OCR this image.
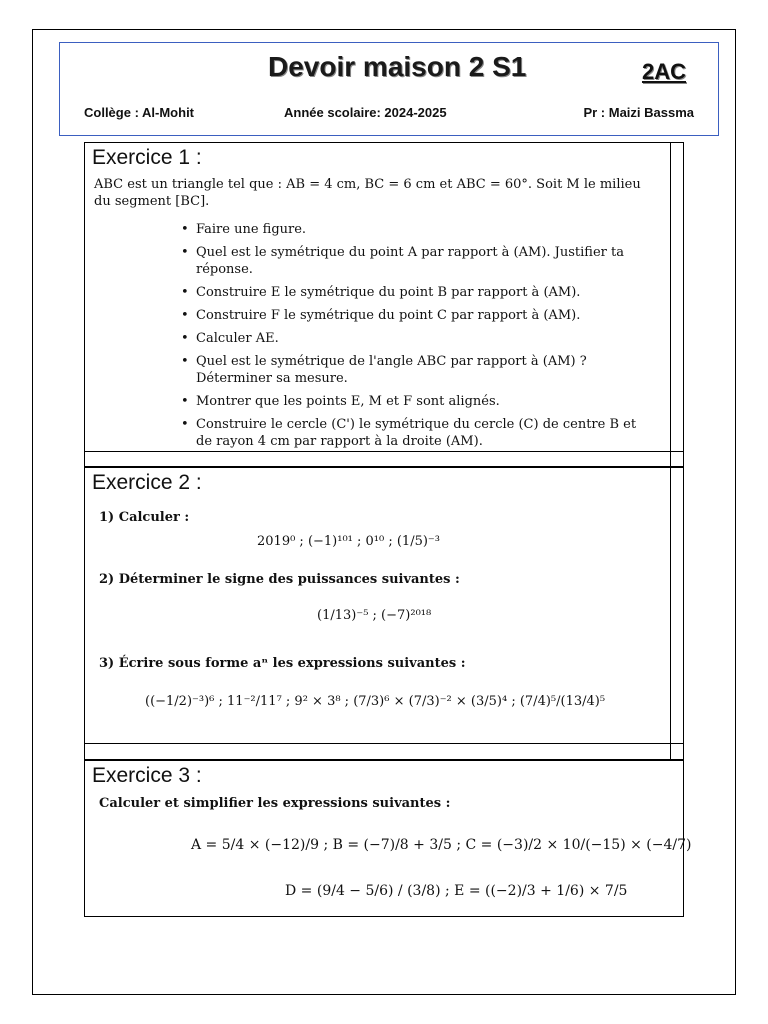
Devoir maison 2 S1	2AC
Collège : Al-Mohit	Année scolaire: 2024-2025	Pr : Maizi Bassma
Exercice 1 :
ABC est un triangle tel que : AB = 4 cm, BC = 6 cm et ABC = 60°. Soit M le milieu du segment [BC].
• Faire une figure.
• Quel est le symétrique du point A par rapport à (AM). Justifier ta réponse.
• Construire E le symétrique du point B par rapport à (AM).
• Construire F le symétrique du point C par rapport à (AM).
• Calculer AE.
• Quel est le symétrique de l'angle ABC par rapport à (AM) ? Déterminer sa mesure.
• Montrer que les points E, M et F sont alignés.
• Construire le cercle (C') le symétrique du cercle (C) de centre B et de rayon 4 cm par rapport à la droite (AM).
Exercice 2 :
1) Calculer :
2019⁰ ; (−1)¹⁰¹ ; 0¹⁰ ; (1/5)⁻³
2) Déterminer le signe des puissances suivantes :
(1/13)⁻⁵ ; (−7)²⁰¹⁸
3) Écrire sous forme aⁿ les expressions suivantes :
((−1/2)⁻³)⁶ ; 11⁻²/11⁷ ; 9² × 3⁸ ; (7/3)⁶ × (7/3)⁻² × (3/5)⁴ ; (7/4)⁵/(13/4)⁵
Exercice 3 :
Calculer et simplifier les expressions suivantes :
A = 5/4 × (−12)/9 ; B = (−7)/8 + 3/5 ; C = (−3)/2 × 10/(−15) × (−4/7)
D = (9/4 − 5/6) / (3/8) ; E = ((−2)/3 + 1/6) × 7/5
